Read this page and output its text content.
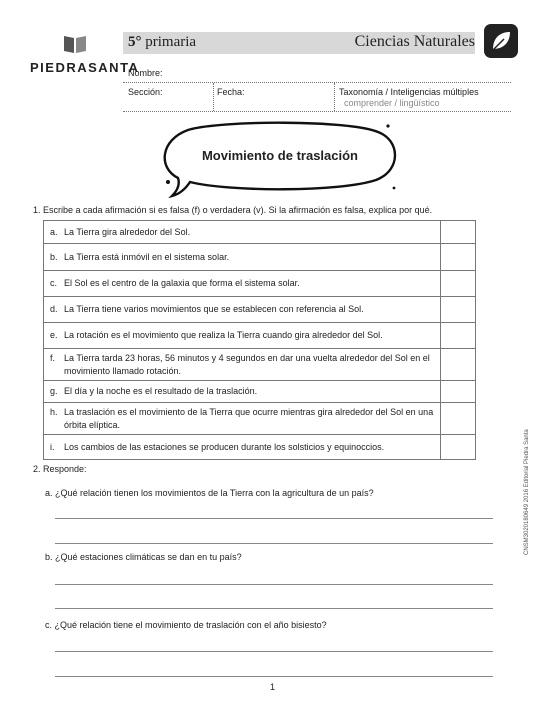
PIEDRASANTA
5° primaria	Ciencias Naturales
Nombre:
Sección:	Fecha:	Taxonomía / Inteligencias múltiples
comprender / lingüístico
Movimiento de traslación
1. Escribe a cada afirmación si es falsa (f) o verdadera (v). Si la afirmación es falsa, explica por qué.
a. La Tierra gira alrededor del Sol.	

b. La Tierra está inmóvil en el sistema solar.	

c. El Sol es el centro de la galaxia que forma el sistema solar.	

d. La Tierra tiene varios movimientos que se establecen con referencia al Sol.	

e. La rotación es el movimiento que realiza la Tierra cuando gira alrededor del Sol.	

f. La Tierra tarda 23 horas, 56 minutos y 4 segundos en dar una vuelta alrededor del Sol en el movimiento llamado rotación.	

g. El día y la noche es el resultado de la traslación.	

h. La traslación es el movimiento de la Tierra que ocurre mientras gira alrededor del Sol en una órbita elíptica.	

i. Los cambios de las estaciones se producen durante los solsticios y equinoccios.	

2. Responde:
a. ¿Qué relación tienen los movimientos de la Tierra con la agricultura de un país?
b. ¿Qué estaciones climáticas se dan en tu país?
c. ¿Qué relación tiene el movimiento de traslación con el año bisiesto?
CNSM3020180649 2016 Editorial Piedra Santa
1
